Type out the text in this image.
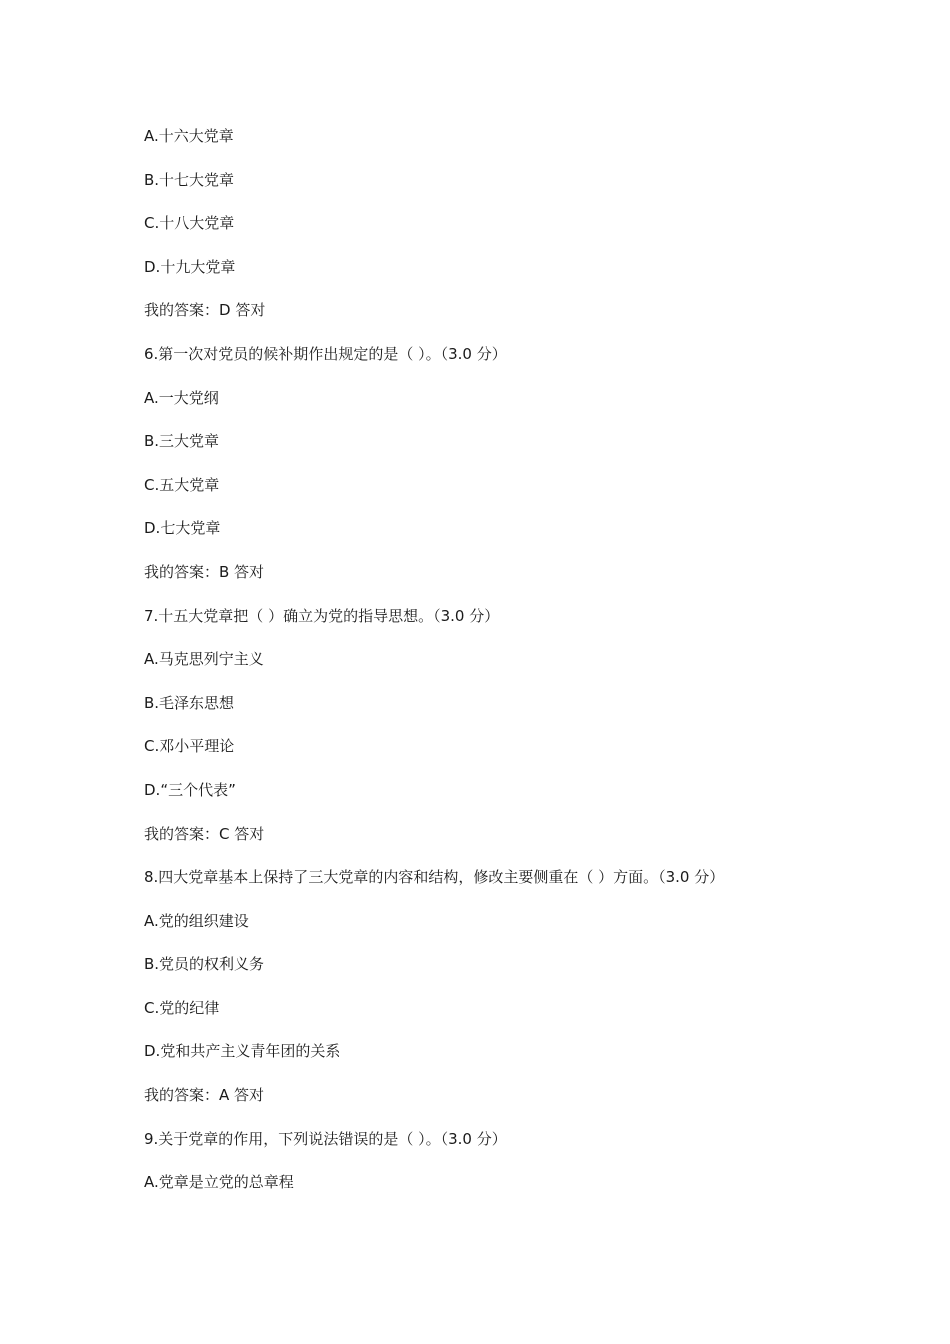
A.十六大党章
B.十七大党章
C.十八大党章
D.十九大党章
我的答案：D 答对
6.第一次对党员的候补期作出规定的是（ ）。（3.0 分）
A.一大党纲
B.三大党章
C.五大党章
D.七大党章
我的答案：B 答对
7.十五大党章把（ ）确立为党的指导思想。（3.0 分）
A.马克思列宁主义
B.毛泽东思想
C.邓小平理论
D.“三个代表”
我的答案：C 答对
8.四大党章基本上保持了三大党章的内容和结构，修改主要侧重在（ ）方面。（3.0 分）
A.党的组织建设
B.党员的权利义务
C.党的纪律
D.党和共产主义青年团的关系
我的答案：A 答对
9.关于党章的作用，下列说法错误的是（ ）。（3.0 分）
A.党章是立党的总章程
